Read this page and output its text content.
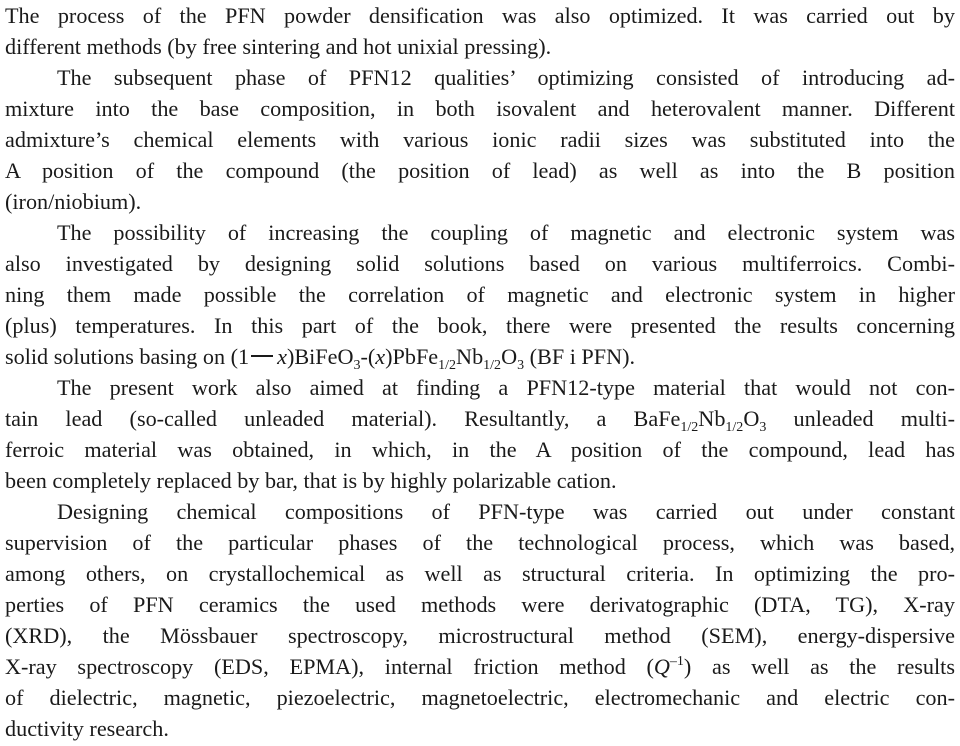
The process of the PFN powder densification was also optimized. It was carried out by
different methods (by free sintering and hot unixial pressing).
The subsequent phase of PFN12 qualities’ optimizing consisted of introducing ad-
mixture into the base composition, in both isovalent and heterovalent manner. Different
admixture’s chemical elements with various ionic radii sizes was substituted into the
A position of the compound (the position of lead) as well as into the B position
(iron/niobium).
The possibility of increasing the coupling of magnetic and electronic system was
also investigated by designing solid solutions based on various multiferroics. Combi-
ning them made possible the correlation of magnetic and electronic system in higher
(plus) temperatures. In this part of the book, there were presented the results concerning
solid solutions basing on (1 $x)BiFeO_3-(x)PbFe_{1/2}Nb_{1/2}O_3$ (BF i PFN).
The present work also aimed at finding a PFN12-type material that would not con-
tain lead (so-called unleaded material). Resultantly, a $BaFe_{1/2}Nb_{1/2}O_3$ unleaded multi-
ferroic material was obtained, in which, in the A position of the compound, lead has
been completely replaced by bar, that is by highly polarizable cation.
Designing chemical compositions of PFN-type was carried out under constant
supervision of the particular phases of the technological process, which was based,
among others, on crystallochemical as well as structural criteria. In optimizing the pro-
perties of PFN ceramics the used methods were derivatographic (DTA, TG), X-ray
(XRD), the Mössbauer spectroscopy, microstructural method (SEM), energy-dispersive
X-ray spectroscopy (EDS, EPMA), internal friction method $(Q^{-1})$ as well as the results
of dielectric, magnetic, piezoelectric, magnetoelectric, electromechanic and electric con-
ductivity research.
